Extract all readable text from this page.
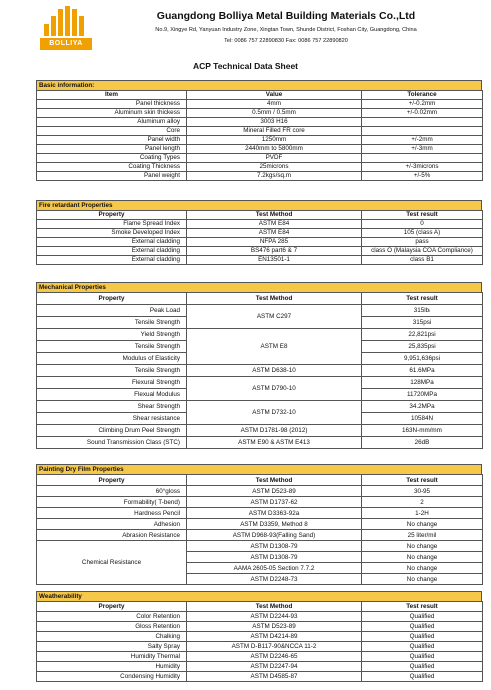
BOLLIYA
Guangdong Bolliya Metal Building Materials Co.,Ltd
No.9, Xingye Rd, Yanyuan Industry Zone, Xingtan Town, Shunde District, Foshan City, Guangdong, China
Tel: 0086 757 22890830 Fax: 0086 757 22890820
ACP Technical Data Sheet
Basic information:
Item	Value	Tolerance
Panel thickness	4mm	+/-0.2mm
Aluminum skin thickess	0.5mm / 0.5mm	+/-0.02mm
Aluminum alloy	3003 H16	
Core	Mineral Filled FR core	
Panel width	1250mm	+/-2mm
Panel length	2440mm to 5800mm	+/-3mm
Coating Types	PVDF	
Coating Thickness	25microns	+/-3microns
Panel weight	7.2kgs/sq.m	+/-5%
Fire retardant Properties
Property	Test Method	Test result
Flame Spread Index	ASTM E84	0
Smoke Developed Index	ASTM E84	105 (class A)
External cladding	NFPA 285	pass
External cladding	BS476 part6 & 7	class O (Malaysia COA Compliance)
External cladding	EN13501-1	class B1
Mechanical Properties
Property	Test Method	Test result
Peak Load	ASTM C297	315lbₗ
Tensile Strength		315psi
Yield Strength	ASTM E8	22,821psi
Tensile Strength		25,835psi
Modulus of Elasticity		9,951,636psi
Tensile Strength	ASTM D638-10	61.6MPa
Flexural Strength	ASTM D790-10	128MPa
Flexual Modulus		11720MPa
Shear Strength	ASTM D732-10	34.2MPa
Shear resistance		10584N
Climbing Drum Peel Strength	ASTM D1781-98 (2012)	163N-mm/mm
Sound Transmission Class (STC)	ASTM E90 & ASTM E413	26dB
Painting Dry Film Properties
Property	Test Method	Test result
60°gloss	ASTM D523-89	30-95
Formability( T-bend)	ASTM D1737-62	2
Hardness Pencil	ASTM D3363-92a	1-2H
Adhesion	ASTM D3359, Method 8	No change
Abrasion Resistance	ASTM D968-93(Falling Sand)	25 liter/mil
Chemical Resistance	ASTM D1308-79	No change
	ASTM D1308-79	No change
	AAMA 2605-05 Section 7.7.2	No change
	ASTM D2248-73	No change
Weatherability
Property	Test Method	Test result
Color Retention	ASTM D2244-93	Qualified
Gloss Retention	ASTM D523-89	Qualified
Chalking	ASTM D4214-89	Qualified
Salty Spray	ASTM D-B117-90&NCCA 11-2	Qualified
Humidity Thermal	ASTM D2246-65	Qualified
Humidity	ASTM D2247-94	Qualified
Condensing Humidity	ASTM D4585-87	Qualified
